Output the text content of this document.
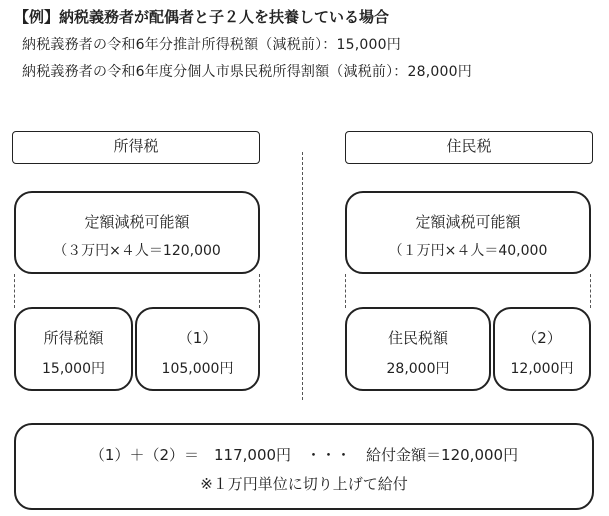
【例】納税義務者が配偶者と子２人を扶養している場合
納税義務者の令和6年分推計所得税額（減税前）：15,000円
納税義務者の令和6年度分個人市県民税所得割額（減税前）：28,000円
所得税
定額減税可能額
（３万円×４人＝120,000
所得税額
15,000円
（1）
105,000円
住民税
定額減税可能額
（１万円×４人＝40,000
住民税額
28,000円
（2）
12,000円
（1）＋（2）＝　117,000円　・・・　給付金額＝120,000円
※１万円単位に切り上げて給付
